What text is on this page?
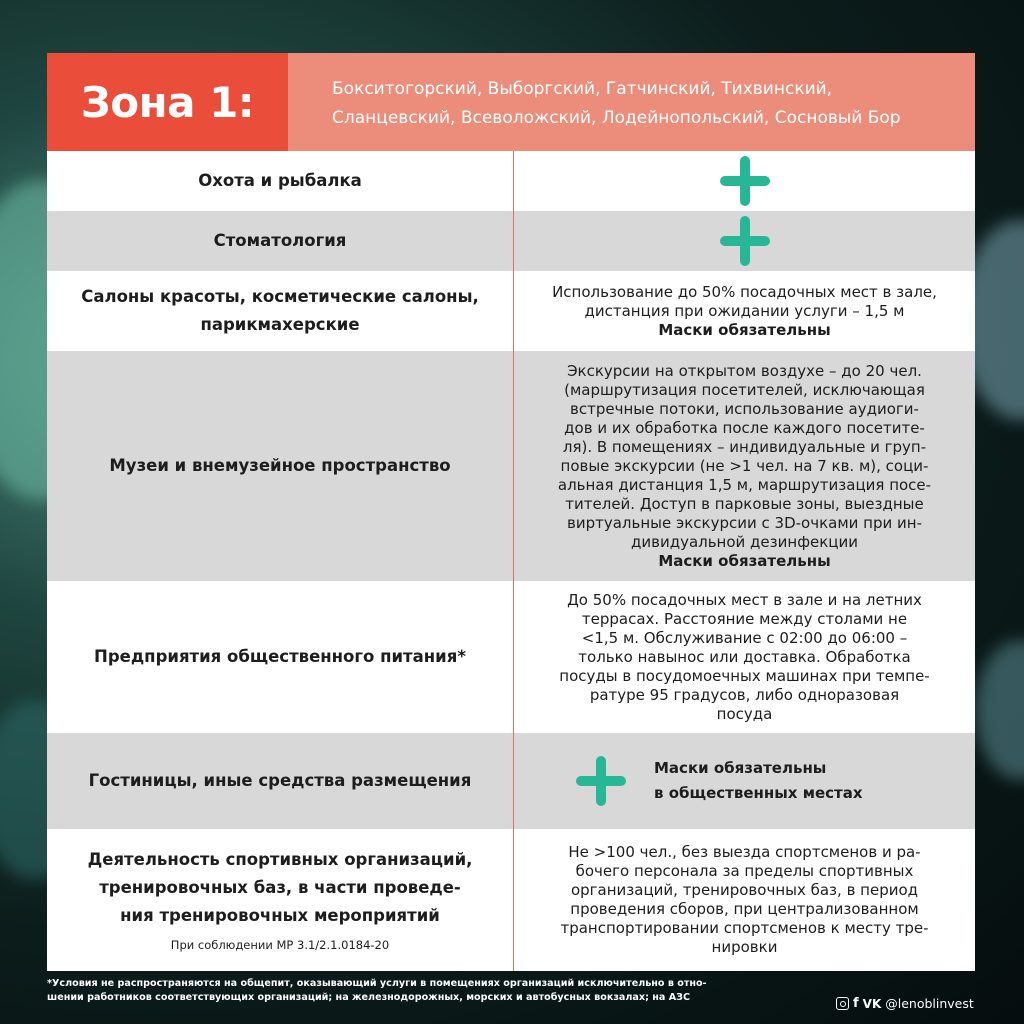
Зона 1:	Бокситогорский, Выборгский, Гатчинский, Тихвинский,
Сланцевский, Всеволожский, Лодейнопольский, Сосновый Бор
Охота и рыбалка
Стоматология
Салоны красоты, косметические салоны,
парикмахерские
Использование до 50% посадочных мест в зале,
дистанция при ожидании услуги – 1,5 м
Маски обязательны
Музеи и внемузейное пространство
Экскурсии на открытом воздухе – до 20 чел.
(маршрутизация посетителей, исключающая
встречные потоки, использование аудиоги-
дов и их обработка после каждого посетите-
ля). В помещениях – индивидуальные и груп-
повые экскурсии (не >1 чел. на 7 кв. м), соци-
альная дистанция 1,5 м, маршрутизация посе-
тителей. Доступ в парковые зоны, выездные
виртуальные экскурсии с 3D-очками при ин-
дивидуальной дезинфекции
Маски обязательны
Предприятия общественного питания*
До 50% посадочных мест в зале и на летних
террасах. Расстояние между столами не
<1,5 м. Обслуживание с 02:00 до 06:00 –
только навынос или доставка. Обработка
посуды в посудомоечных машинах при темпе-
ратуре 95 градусов, либо одноразовая
посуда
Гостиницы, иные средства размещения
Маски обязательны
в общественных местах
Деятельность спортивных организаций,
тренировочных баз, в части проведе-
ния тренировочных мероприятий
При соблюдении МР 3.1/2.1.0184-20
Не >100 чел., без выезда спортсменов и ра-
бочего персонала за пределы спортивных
организаций, тренировочных баз, в период
проведения сборов, при централизованном
транспортировании спортсменов к месту тре-
нировки
*Условия не распространяются на общепит, оказывающий услуги в помещениях организаций исключительно в отно-
шении работников соответствующих организаций; на железнодорожных, морских и автобусных вокзалах; на АЗС	f VK @lenoblinvest
